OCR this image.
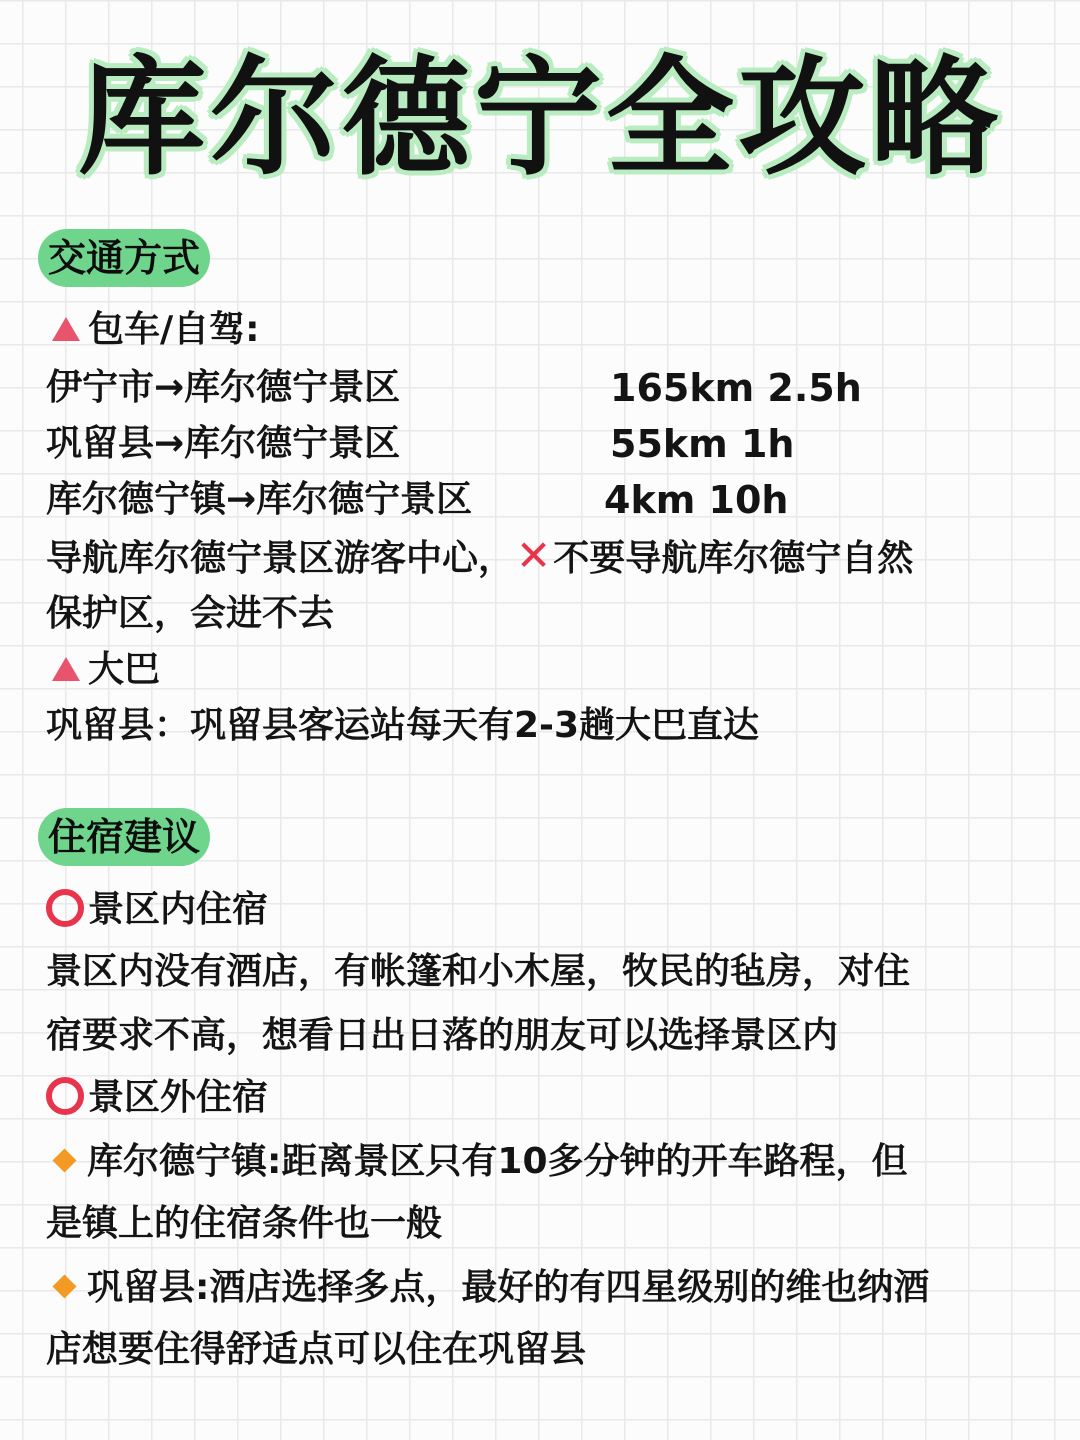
库尔德宁全攻略
交通方式
包车/自驾:
伊宁市→库尔德宁景区	165km 2.5h
巩留县→库尔德宁景区	55km 1h
库尔德宁镇→库尔德宁景区	4km 10h
导航库尔德宁景区游客中心，✕不要导航库尔德宁自然
保护区，会进不去
大巴
巩留县：巩留县客运站每天有2-3趟大巴直达
住宿建议
景区内住宿
景区内没有酒店，有帐篷和小木屋，牧民的毡房，对住
宿要求不高，想看日出日落的朋友可以选择景区内
景区外住宿
库尔德宁镇:距离景区只有10多分钟的开车路程，但
是镇上的住宿条件也一般
巩留县:酒店选择多点，最好的有四星级别的维也纳酒
店想要住得舒适点可以住在巩留县
